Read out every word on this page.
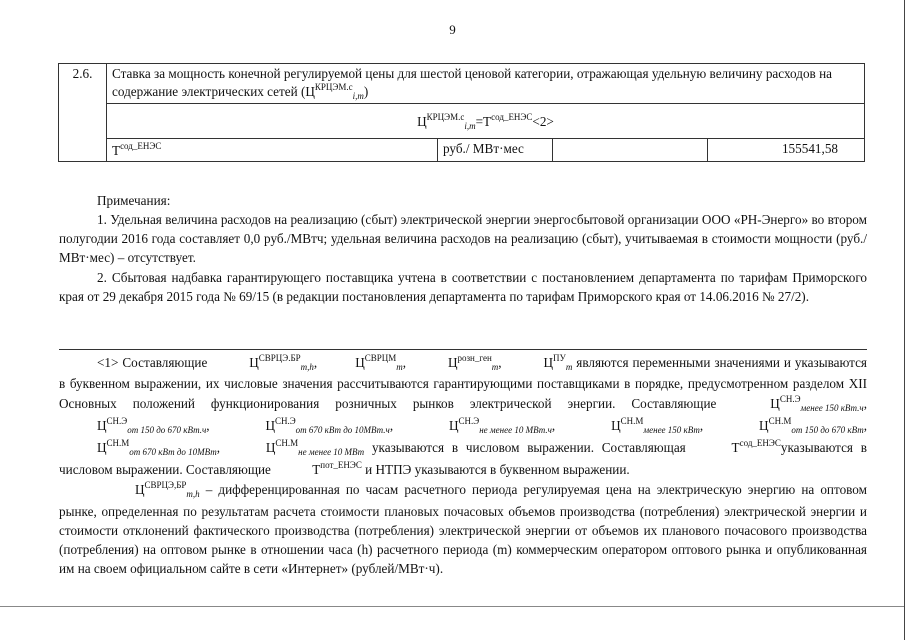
9
2.6.	Ставка за мощность конечной регулируемой цены для шестой ценовой категории, отражающая удельную величину расходов на содержание электрических сетей $(Ц^{КРЦЭМ.с}_{i,m})$			
	$Ц^{КРЦЭМ.с}_{i,m}=Т^{сод\_ЕНЭС}<2>$			
	$Т^{сод\_ЕНЭС}$	руб./ МВт·мес		155541,58

Примечания:

1. Удельная величина расходов на реализацию (сбыт) электрической энергии энергосбытовой организации ООО «РН-Энерго» во втором полугодии 2016 года составляет 0,0 руб./МВтч; удельная величина расходов на реализацию (сбыт), учитываемая в стоимости мощности (руб./МВт·мес) – отсутствует.

2. Сбытовая надбавка гарантирующего поставщика учтена в соответствии с постановлением департамента по тарифам Приморского края от 29 декабря 2015 года № 69/15 (в редакции постановления департамента по тарифам Приморского края от 14.06.2016 № 27/2).

<1> Составляющие	$Ц^{СВРЦЭ.БР}_{m,h}$,	$Ц^{СВРЦМ}_m$,	$Ц^{розн\_ген}_m$,	$Ц^{ПУ}_m$ являются переменными значениями и указываются в буквенном выражении, их числовые значения рассчитываются гарантирующими поставщиками в порядке, предусмотренном разделом XII Основных положений функционирования розничных рынков электрической энергии. Составляющие	$Ц^{СН.Э}_{менее 150 кВт.ч},Ц^{СН.Э}_{от 150 до 670 кВт.ч}$,	$Ц^{СН.Э}_{от 670 кВт до 10МВт.ч}$,	$Ц^{СН.Э}_{не менее 10 МВт.ч}$,	$Ц^{СН.М}_{менее 150 кВт}$,	$Ц^{СН.М}_{от 150 до 670 кВт}$, $Ц^{СН.М}_{от 670 кВт до 10МВт}$,	$Ц^{СН.М}_{не менее 10 МВт}$ указываются в числовом выражении. Составляющая	$Т^{сод\_ЕНЭС}указываются$ в числовом выражении. Составляющие	$Т^{пот\_ЕНЭС}$ и НТПЭ указываются в буквенном выражении.

$Ц^{СВРЦЭ,БР}_{m,h}$ – дифференцированная по часам расчетного периода регулируемая цена на электрическую энергию на оптовом рынке, определенная по результатам расчета стоимости плановых почасовых объемов производства (потребления) электрической энергии и стоимости отклонений фактического производства (потребления) электрической энергии от объемов их планового почасового производства (потребления) на оптовом рынке в отношении часа (h) расчетного периода (m) коммерческим оператором оптового рынка и опубликованная им на своем официальном сайте в сети «Интернет» (рублей/МВт·ч).
